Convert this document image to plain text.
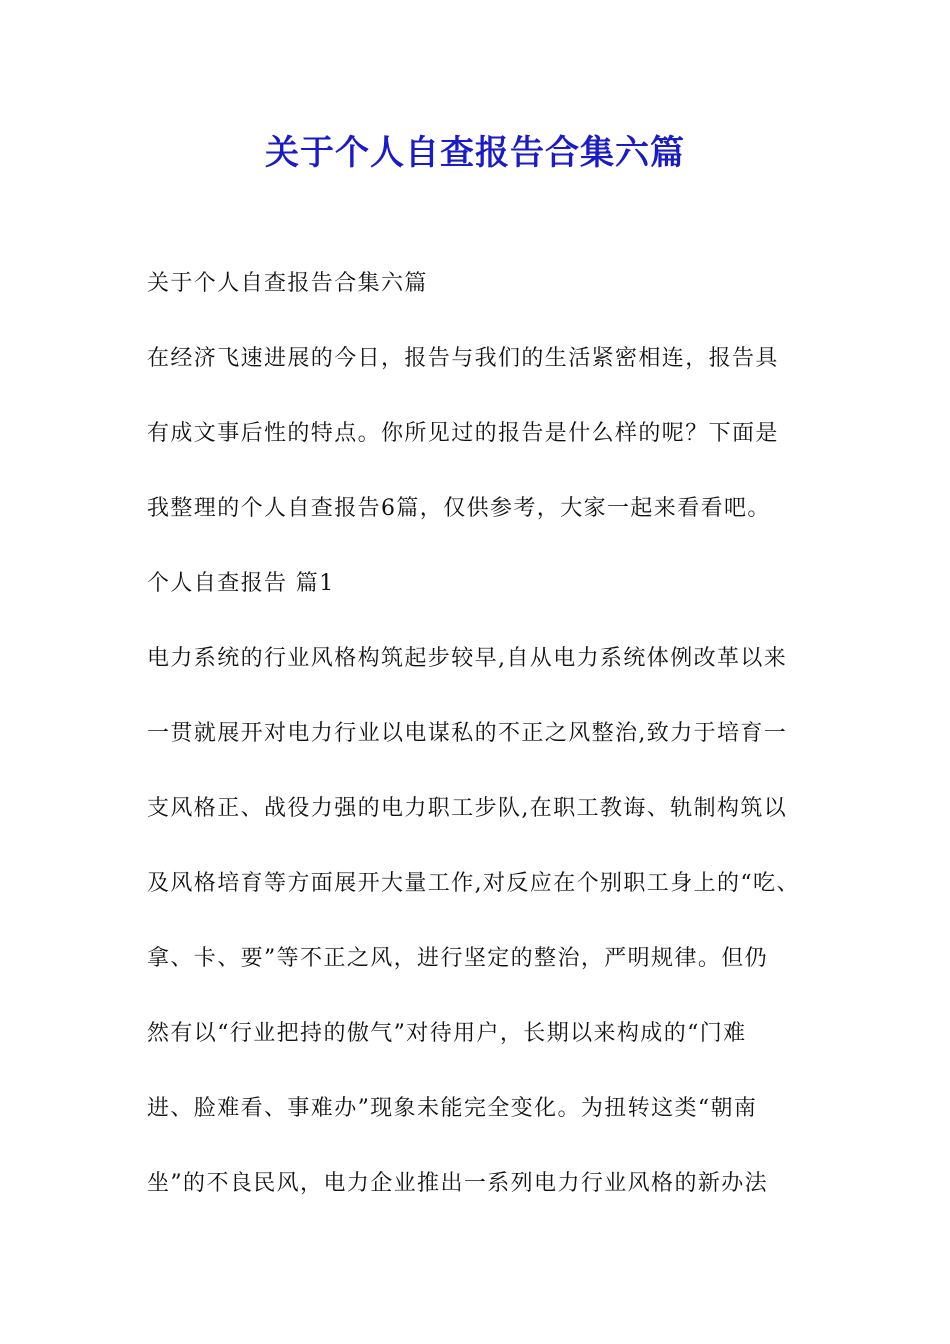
关于个人自查报告合集六篇

关于个人自查报告合集六篇

在经济飞速进展的今日，报告与我们的生活紧密相连，报告具

有成文事后性的特点。你所见过的报告是什么样的呢？下面是

我整理的个人自查报告6篇，仅供参考，大家一起来看看吧。

个人自查报告 篇1

电力系统的行业风格构筑起步较早,自从电力系统体例改革以来

一贯就展开对电力行业以电谋私的不正之风整治,致力于培育一

支风格正、战役力强的电力职工步队,在职工教诲、轨制构筑以

及风格培育等方面展开大量工作,对反应在个别职工身上的“吃、

拿、卡、要”等不正之风，进行坚定的整治，严明规律。但仍

然有以“行业把持的傲气”对待用户，长期以来构成的“门难

进、脸难看、事难办”现象未能完全变化。为扭转这类“朝南

坐”的不良民风，电力企业推出一系列电力行业风格的新办法
